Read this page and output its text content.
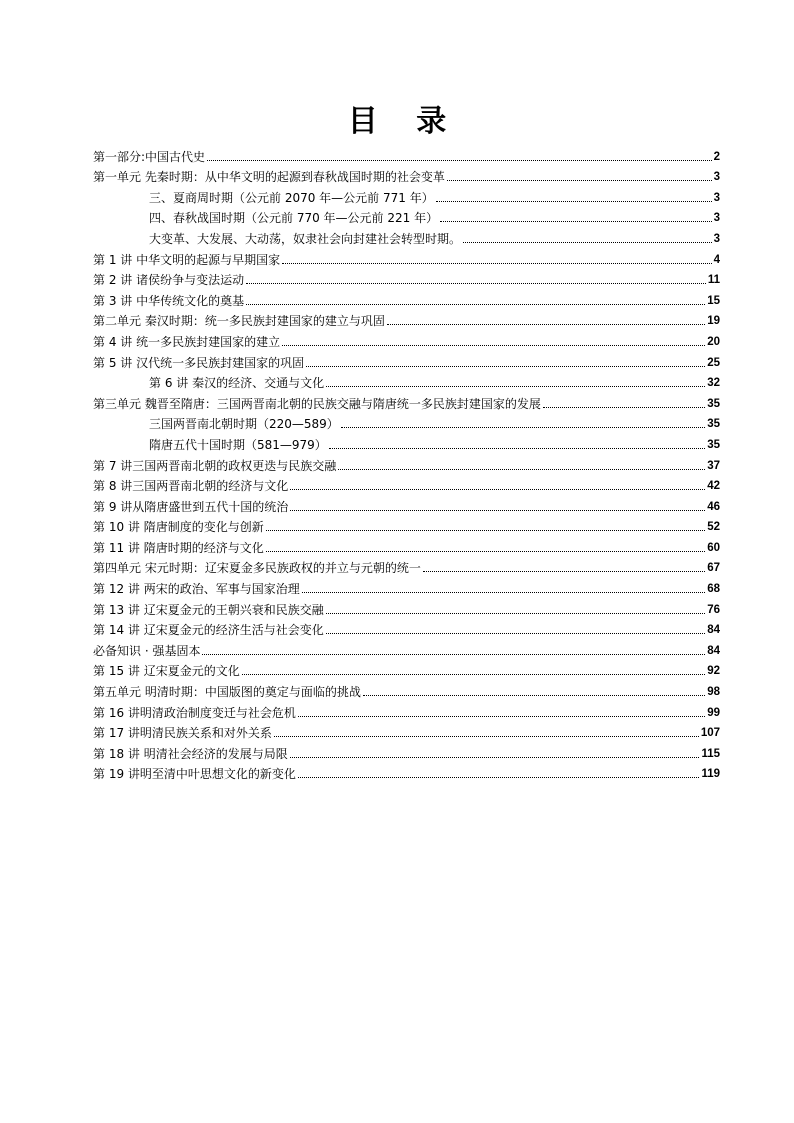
目 录
第一部分:中国古代史	2
第一单元 先秦时期：从中华文明的起源到春秋战国时期的社会变革	3
三、夏商周时期（公元前 2070 年—公元前 771 年）	3
四、春秋战国时期（公元前 770 年—公元前 221 年）	3
大变革、大发展、大动荡，奴隶社会向封建社会转型时期。	3
第 1 讲 中华文明的起源与早期国家	4
第 2 讲 诸侯纷争与变法运动	11
第 3 讲 中华传统文化的奠基	15
第二单元 秦汉时期：统一多民族封建国家的建立与巩固	19
第 4 讲 统一多民族封建国家的建立	20
第 5 讲 汉代统一多民族封建国家的巩固	25
第 6 讲 秦汉的经济、交通与文化	32
第三单元 魏晋至隋唐：三国两晋南北朝的民族交融与隋唐统一多民族封建国家的发展	35
三国两晋南北朝时期（220—589）	35
隋唐五代十国时期（581—979）	35
第 7 讲三国两晋南北朝的政权更迭与民族交融	37
第 8 讲三国两晋南北朝的经济与文化	42
第 9 讲从隋唐盛世到五代十国的统治	46
第 10 讲 隋唐制度的变化与创新	52
第 11 讲 隋唐时期的经济与文化	60
第四单元 宋元时期：辽宋夏金多民族政权的并立与元朝的统一	67
第 12 讲 两宋的政治、军事与国家治理	68
第 13 讲 辽宋夏金元的王朝兴衰和民族交融	76
第 14 讲 辽宋夏金元的经济生活与社会变化	84
必备知识 · 强基固本	84
第 15 讲 辽宋夏金元的文化	92
第五单元 明清时期：中国版图的奠定与面临的挑战	98
第 16 讲明清政治制度变迁与社会危机	99
第 17 讲明清民族关系和对外关系	107
第 18 讲 明清社会经济的发展与局限	115
第 19 讲明至清中叶思想文化的新变化	119
